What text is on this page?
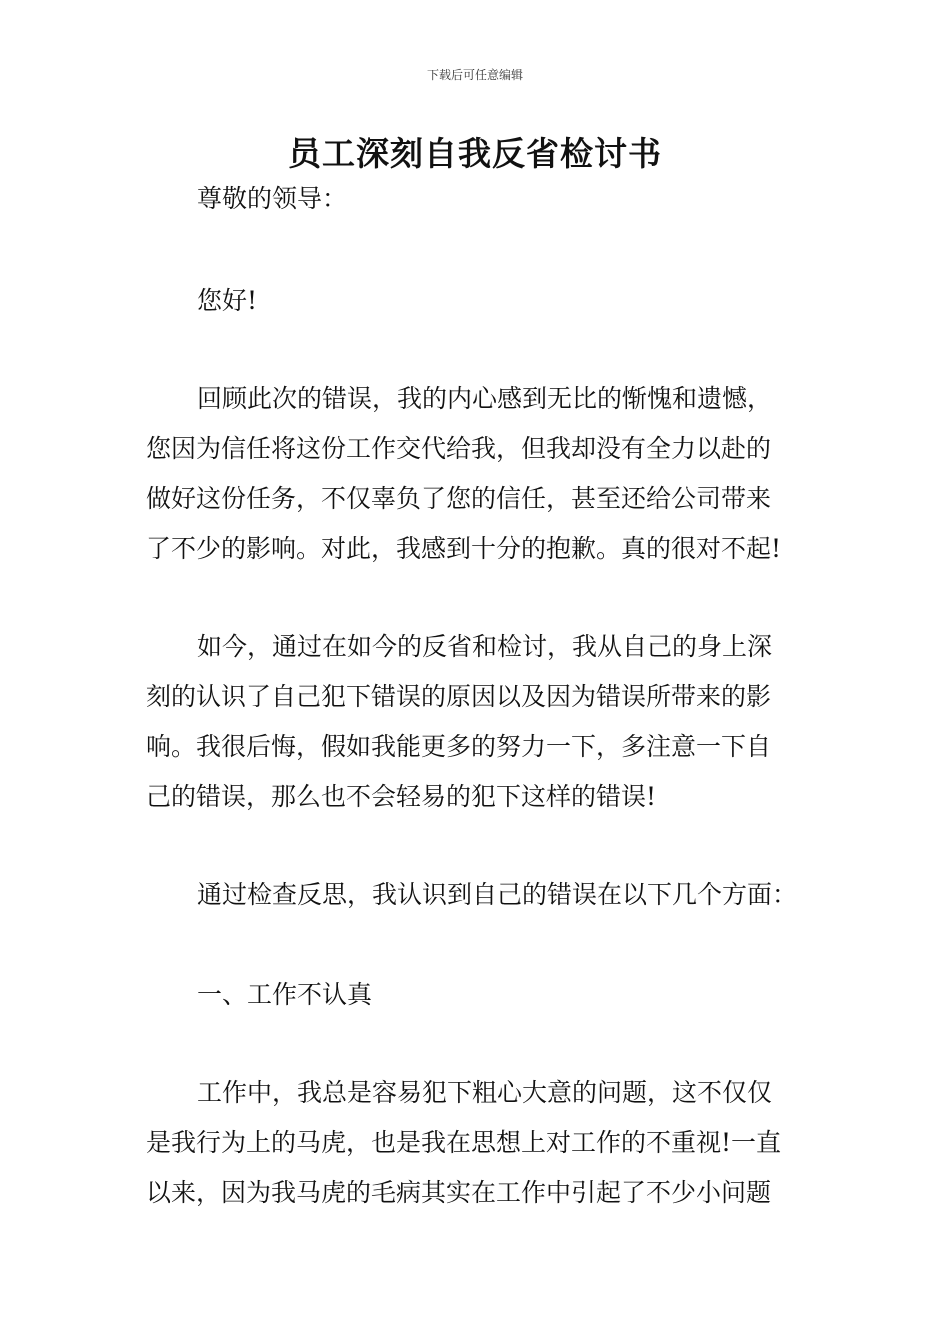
下载后可任意编辑
员工深刻自我反省检讨书
尊敬的领导：
您好!
回顾此次的错误，我的内心感到无比的惭愧和遗憾，
您因为信任将这份工作交代给我，但我却没有全力以赴的
做好这份任务，不仅辜负了您的信任，甚至还给公司带来
了不少的影响。对此，我感到十分的抱歉。真的很对不起!
如今，通过在如今的反省和检讨，我从自己的身上深
刻的认识了自己犯下错误的原因以及因为错误所带来的影
响。我很后悔，假如我能更多的努力一下，多注意一下自
己的错误，那么也不会轻易的犯下这样的错误!
通过检查反思，我认识到自己的错误在以下几个方面：
一、工作不认真
工作中，我总是容易犯下粗心大意的问题，这不仅仅
是我行为上的马虎，也是我在思想上对工作的不重视!一直
以来，因为我马虎的毛病其实在工作中引起了不少小问题
